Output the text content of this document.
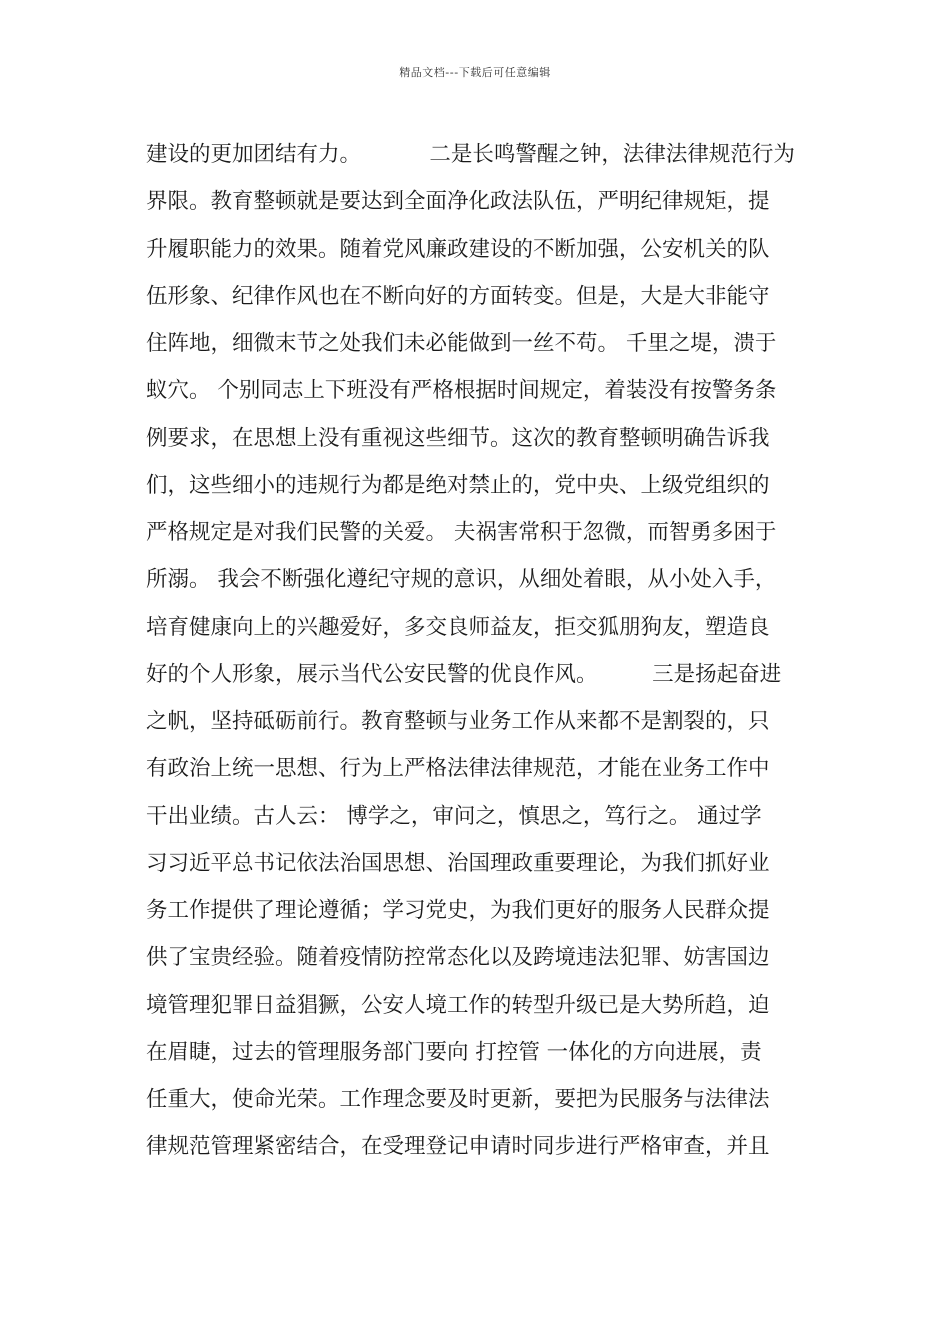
精品文档---下载后可任意编辑
建设的更加团结有力。          二是长鸣警醒之钟，法律法律规范行为
界限。教育整顿就是要达到全面净化政法队伍，严明纪律规矩，提
升履职能力的效果。随着党风廉政建设的不断加强，公安机关的队
伍形象、纪律作风也在不断向好的方面转变。但是，大是大非能守
住阵地，细微末节之处我们未必能做到一丝不苟。 千里之堤，溃于
蚁穴。 个别同志上下班没有严格根据时间规定，着装没有按警务条
例要求，在思想上没有重视这些细节。这次的教育整顿明确告诉我
们，这些细小的违规行为都是绝对禁止的，党中央、上级党组织的
严格规定是对我们民警的关爱。 夫祸害常积于忽微，而智勇多困于
所溺。 我会不断强化遵纪守规的意识，从细处着眼，从小处入手，
培育健康向上的兴趣爱好，多交良师益友，拒交狐朋狗友，塑造良
好的个人形象，展示当代公安民警的优良作风。        三是扬起奋进
之帆，坚持砥砺前行。教育整顿与业务工作从来都不是割裂的，只
有政治上统一思想、行为上严格法律法律规范，才能在业务工作中
干出业绩。古人云： 博学之，审问之，慎思之，笃行之。 通过学
习习近平总书记依法治国思想、治国理政重要理论，为我们抓好业
务工作提供了理论遵循；学习党史，为我们更好的服务人民群众提
供了宝贵经验。随着疫情防控常态化以及跨境违法犯罪、妨害国边
境管理犯罪日益猖獗，公安人境工作的转型升级已是大势所趋，迫
在眉睫，过去的管理服务部门要向 打控管 一体化的方向进展，责
任重大，使命光荣。工作理念要及时更新，要把为民服务与法律法
律规范管理紧密结合，在受理登记申请时同步进行严格审查，并且
